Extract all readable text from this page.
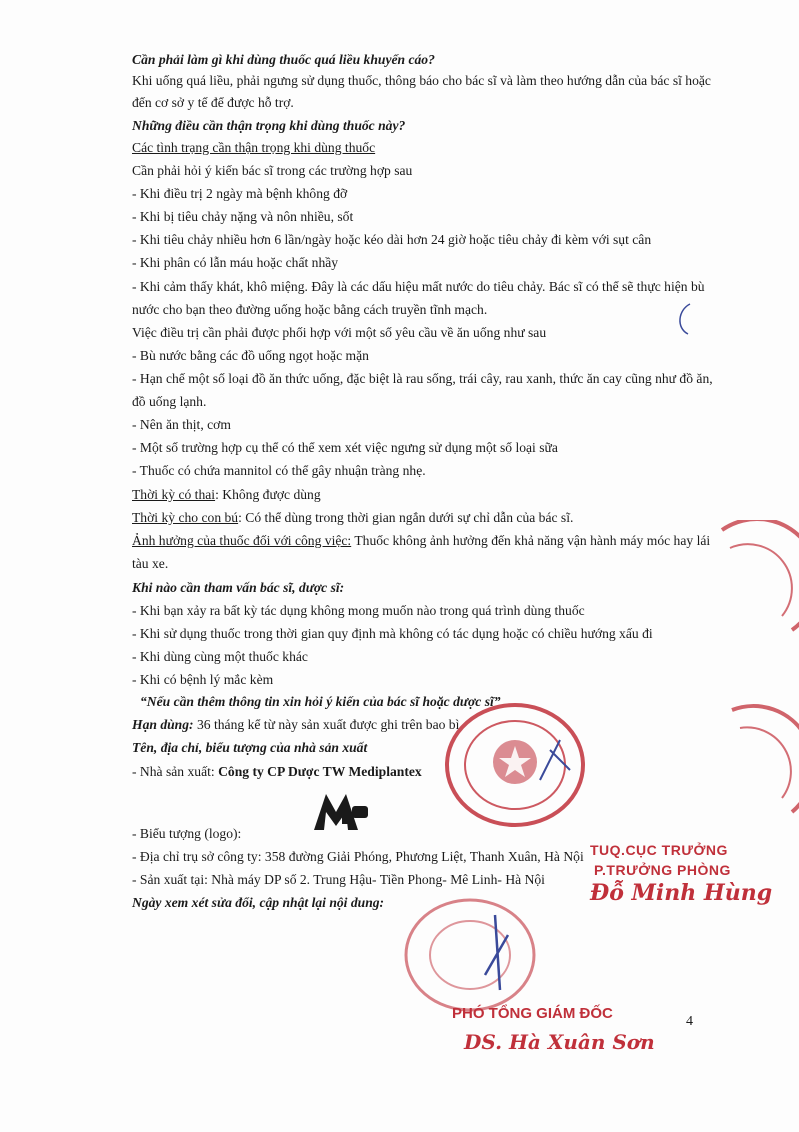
Cần phải làm gì khi dùng thuốc quá liều khuyến cáo?
Khi uống quá liều, phải ngưng sử dụng thuốc, thông báo cho bác sĩ và làm theo hướng dẫn của bác sĩ hoặc
đến cơ sở y tế để được hỗ trợ.
Những điều cần thận trọng khi dùng thuốc này?
Các tình trạng cần thận trọng khi dùng thuốc
Cần phải hỏi ý kiến bác sĩ trong các trường hợp sau
- Khi điều trị 2 ngày mà bệnh không đỡ
- Khi bị tiêu chảy nặng và nôn nhiều, sốt
- Khi tiêu chảy nhiều hơn 6 lần/ngày hoặc kéo dài hơn 24 giờ hoặc tiêu chảy đi kèm với sụt cân
- Khi phân có lẫn máu hoặc chất nhầy
- Khi cảm thấy khát, khô miệng. Đây là các dấu hiệu mất nước do tiêu chảy. Bác sĩ có thể sẽ thực hiện bù
nước cho bạn theo đường uống hoặc bằng cách truyền tĩnh mạch.
Việc điều trị cần phải được phối hợp với một số yêu cầu về ăn uống như sau
- Bù nước bằng các đồ uống ngọt hoặc mặn
- Hạn chế một số loại đồ ăn thức uống, đặc biệt là rau sống, trái cây, rau xanh, thức ăn cay cũng như đồ ăn,
đồ uống lạnh.
- Nên ăn thịt, cơm
- Một số trường hợp cụ thể có thể xem xét việc ngưng sử dụng một số loại sữa
- Thuốc có chứa mannitol có thể gây nhuận tràng nhẹ.
Thời kỳ có thai: Không được dùng
Thời kỳ cho con bú: Có thể dùng trong thời gian ngắn dưới sự chỉ dẫn của bác sĩ.
Ảnh hưởng của thuốc đối với công việc: Thuốc không ảnh hưởng đến khả năng vận hành máy móc hay lái
tàu xe.
Khi nào cần tham vấn bác sĩ, dược sĩ:
- Khi bạn xảy ra bất kỳ tác dụng không mong muốn nào trong quá trình dùng thuốc
- Khi sử dụng thuốc trong thời gian quy định mà không có tác dụng hoặc có chiều hướng xấu đi
- Khi dùng cùng một thuốc khác
- Khi có bệnh lý mắc kèm
“Nếu cần thêm thông tin xin hỏi ý kiến của bác sĩ hoặc dược sĩ”
Hạn dùng: 36 tháng kể từ này sản xuất được ghi trên bao bì
Tên, địa chỉ, biểu tượng của nhà sản xuất
- Nhà sản xuất: Công ty CP Dược TW Mediplantex
- Biểu tượng (logo):
- Địa chỉ trụ sở công ty: 358 đường Giải Phóng, Phương Liệt, Thanh Xuân, Hà Nội
- Sản xuất tại: Nhà máy DP số 2. Trung Hậu- Tiền Phong- Mê Linh- Hà Nội
Ngày xem xét sửa đổi, cập nhật lại nội dung:
TUQ.CỤC TRƯỞNG
P.TRƯỞNG PHÒNG
Đỗ Minh Hùng
PHÓ TỔNG GIÁM ĐỐC
DS. Hà Xuân Sơn
4
